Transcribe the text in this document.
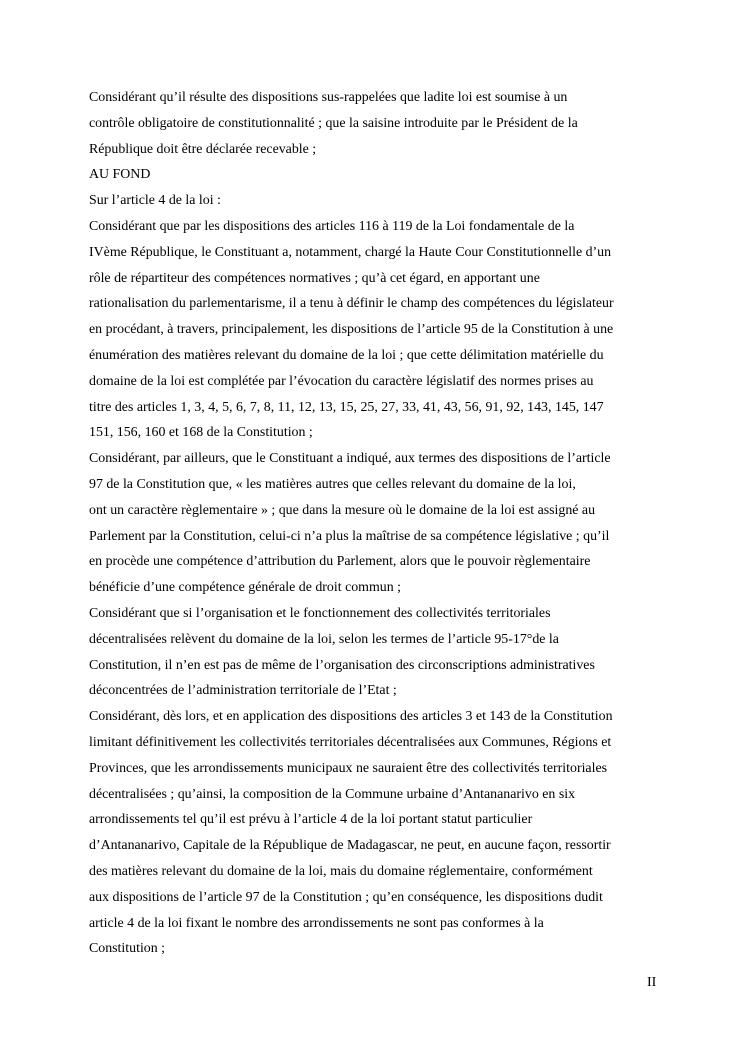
Considérant qu’il résulte des dispositions sus-rappelées que ladite loi est soumise à un
contrôle obligatoire de constitutionnalité ; que la saisine introduite par le Président de la
République doit être déclarée recevable ;
AU FOND
Sur l’article 4 de la loi :
Considérant que par les dispositions des articles 116 à 119 de la Loi fondamentale de la
IVème République, le Constituant a, notamment, chargé la Haute Cour Constitutionnelle d’un
rôle de répartiteur des compétences normatives ; qu’à cet égard, en apportant une
rationalisation du parlementarisme, il a tenu à définir le champ des compétences du législateur
en procédant, à travers, principalement, les dispositions de l’article 95 de la Constitution à une
énumération des matières relevant du domaine de la loi ; que cette délimitation matérielle du
domaine de la loi est complétée par l’évocation du caractère législatif des normes prises au
titre des articles 1, 3, 4, 5, 6, 7, 8, 11, 12, 13, 15, 25, 27, 33, 41, 43, 56, 91, 92, 143, 145, 147
151, 156, 160 et 168 de la Constitution ;
Considérant, par ailleurs, que le Constituant a indiqué, aux termes des dispositions de l’article
97 de la Constitution que, « les matières autres que celles relevant du domaine de la loi,
ont un caractère règlementaire » ; que dans la mesure où le domaine de la loi est assigné au
Parlement par la Constitution, celui-ci n’a plus la maîtrise de sa compétence législative ; qu’il
en procède une compétence d’attribution du Parlement, alors que le pouvoir règlementaire
bénéficie d’une compétence générale de droit commun ;
Considérant que si l’organisation et le fonctionnement des collectivités territoriales
décentralisées relèvent du domaine de la loi, selon les termes de l’article 95-17°de la
Constitution, il n’en est pas de même de l’organisation des circonscriptions administratives
déconcentrées de l’administration territoriale de l’Etat ;
Considérant, dès lors, et en application des dispositions des articles 3 et 143 de la Constitution
limitant définitivement les collectivités territoriales décentralisées aux Communes, Régions et
Provinces, que les arrondissements municipaux ne sauraient être des collectivités territoriales
décentralisées ; qu’ainsi, la composition de la Commune urbaine d’Antananarivo en six
arrondissements tel qu’il est prévu à l’article 4 de la loi portant statut particulier
d’Antananarivo, Capitale de la République de Madagascar, ne peut, en aucune façon, ressortir
des matières relevant du domaine de la loi, mais du domaine réglementaire, conformément
aux dispositions de l’article 97 de la Constitution ; qu’en conséquence, les dispositions dudit
article 4 de la loi fixant le nombre des arrondissements ne sont pas conformes à la
Constitution ;
II
